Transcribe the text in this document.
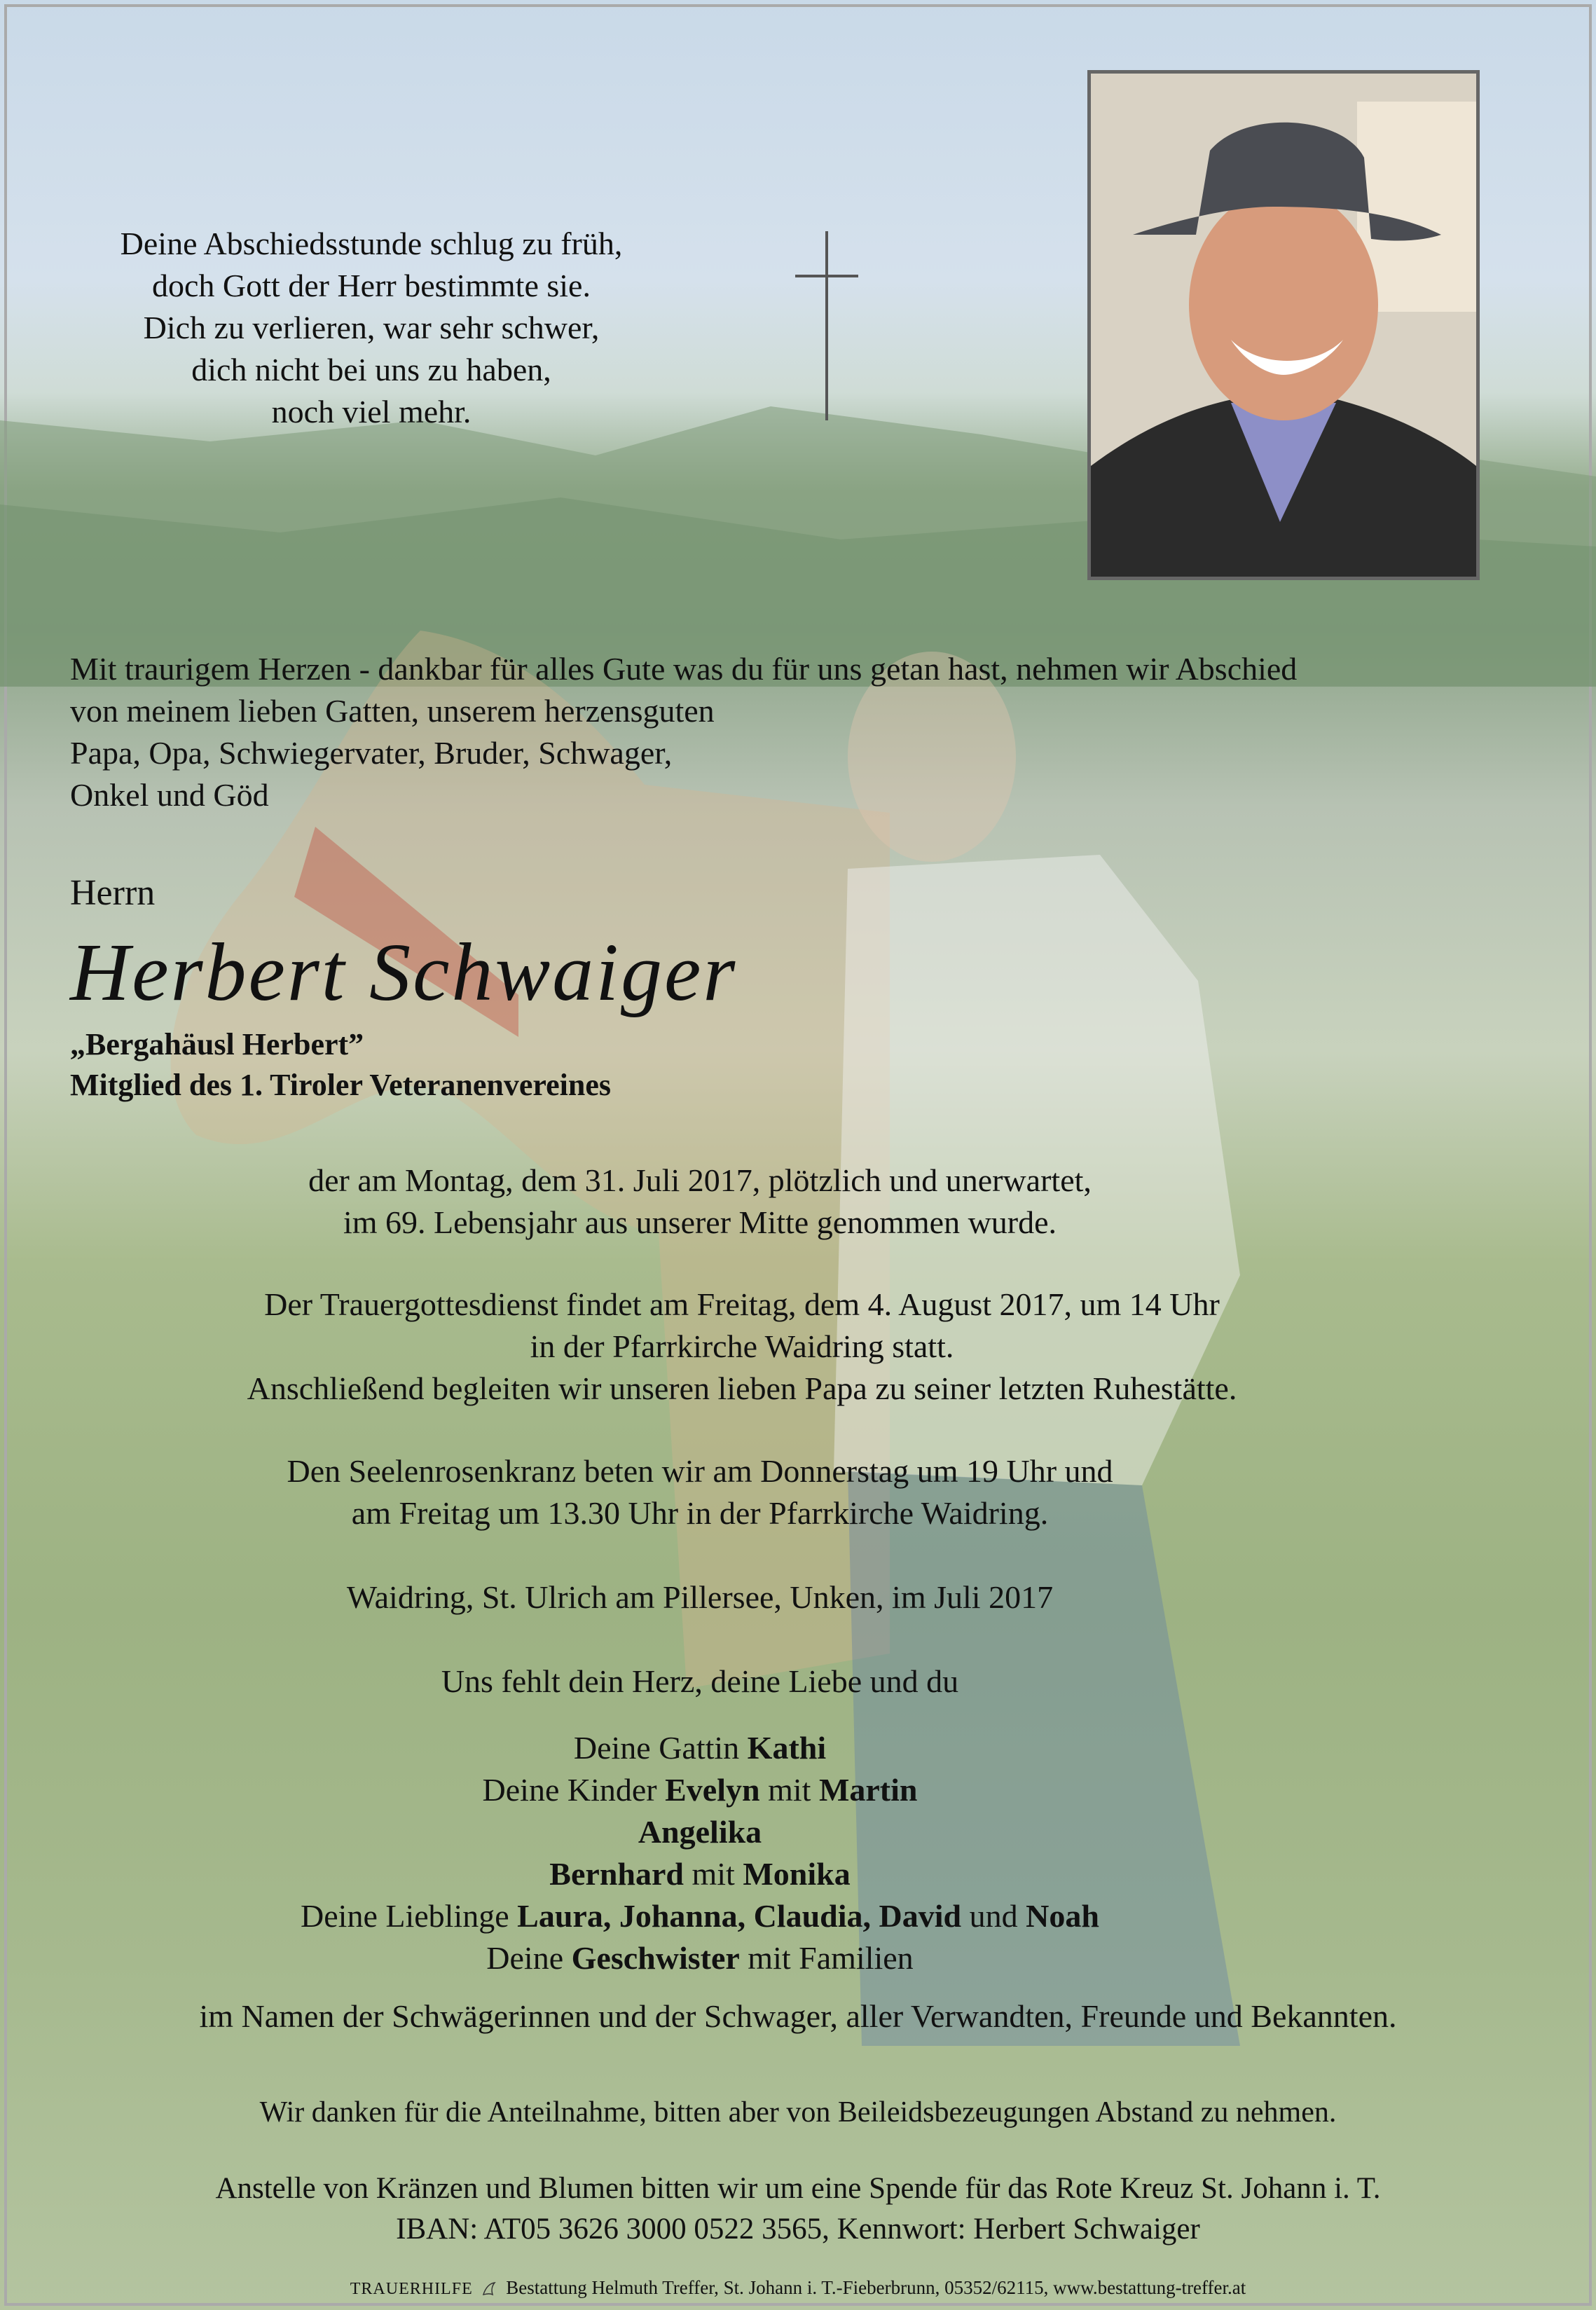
Deine Abschiedsstunde schlug zu früh,
doch Gott der Herr bestimmte sie.
Dich zu verlieren, war sehr schwer,
dich nicht bei uns zu haben,
noch viel mehr.
Mit traurigem Herzen - dankbar für alles Gute was du für uns getan hast, nehmen wir Abschied
von meinem lieben Gatten, unserem herzensguten
Papa, Opa, Schwiegervater, Bruder, Schwager,
Onkel und Göd
Herrn
Herbert Schwaiger
„Bergahäusl Herbert”
Mitglied des 1. Tiroler Veteranenvereines
der am Montag, dem 31. Juli 2017, plötzlich und unerwartet,
im 69. Lebensjahr aus unserer Mitte genommen wurde.
Der Trauergottesdienst findet am Freitag, dem 4. August 2017, um 14 Uhr
in der Pfarrkirche Waidring statt.
Anschließend begleiten wir unseren lieben Papa zu seiner letzten Ruhestätte.
Den Seelenrosenkranz beten wir am Donnerstag um 19 Uhr und
am Freitag um 13.30 Uhr in der Pfarrkirche Waidring.
Waidring, St. Ulrich am Pillersee, Unken, im Juli 2017
Uns fehlt dein Herz, deine Liebe und du
Deine Gattin Kathi
Deine Kinder Evelyn mit Martin
Angelika
Bernhard mit Monika
Deine Lieblinge Laura, Johanna, Claudia, David und Noah
Deine Geschwister mit Familien
im Namen der Schwägerinnen und der Schwager, aller Verwandten, Freunde und Bekannten.
Wir danken für die Anteilnahme, bitten aber von Beileidsbezeugungen Abstand zu nehmen.
Anstelle von Kränzen und Blumen bitten wir um eine Spende für das Rote Kreuz St. Johann i. T.
IBAN: AT05 3626 3000 0522 3565, Kennwort: Herbert Schwaiger
TRAUERHILFE Bestattung Helmuth Treffer, St. Johann i. T.-Fieberbrunn, 05352/62115, www.bestattung-treffer.at
